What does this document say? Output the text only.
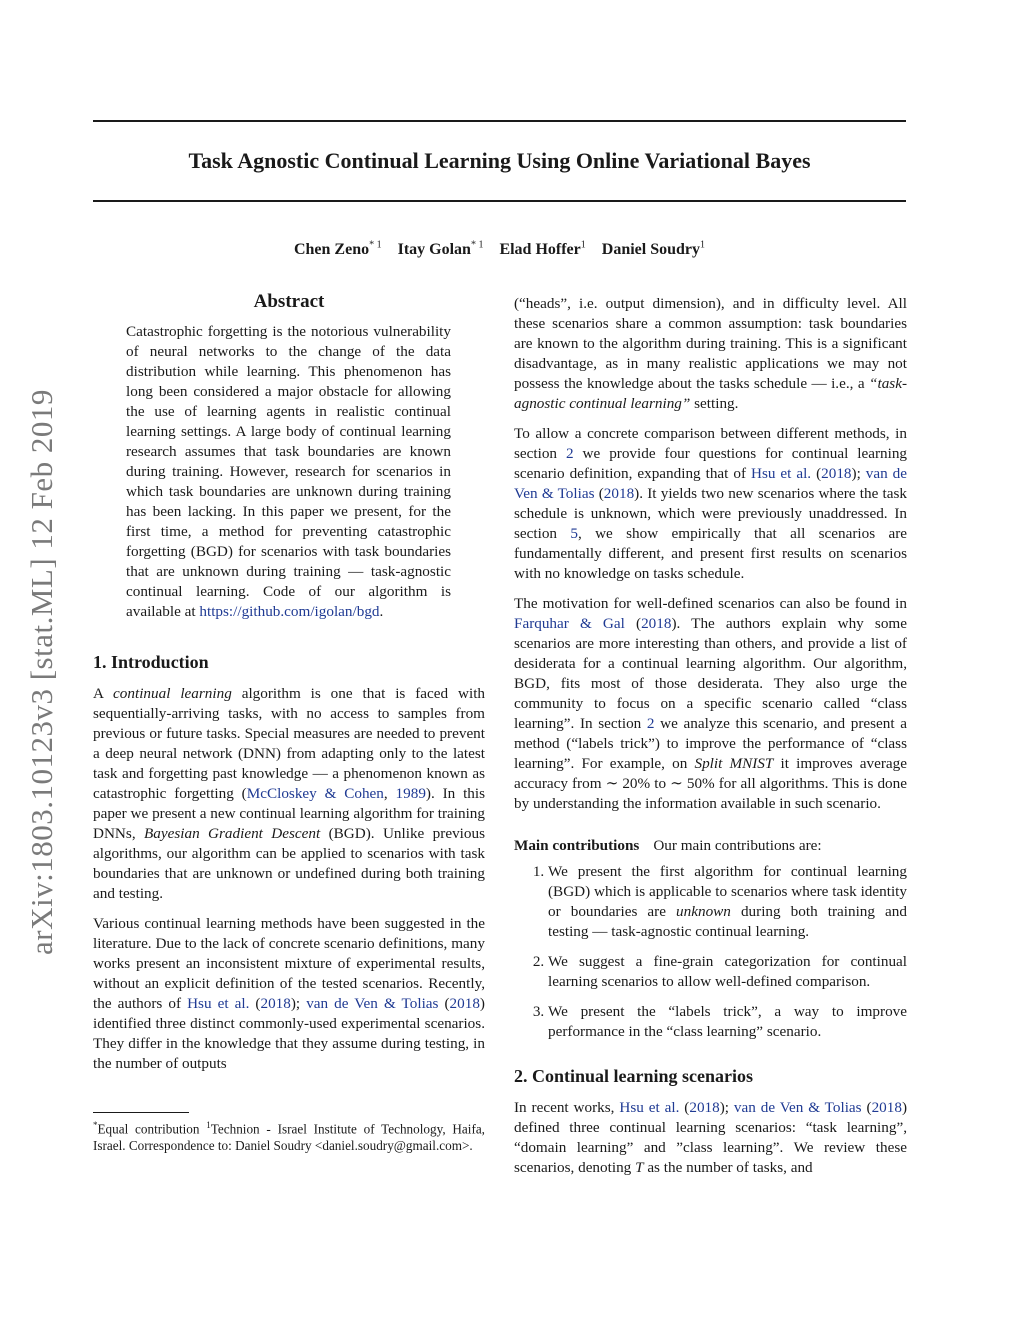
Task Agnostic Continual Learning Using Online Variational Bayes
Chen Zeno$^{* 1}$ Itay Golan$^{* 1}$ Elad Hoffer$^1$ Daniel Soudry$^1$
arXiv:1803.10123v3 [stat.ML] 12 Feb 2019
Abstract

Catastrophic forgetting is the notorious vulnerability of neural networks to the change of the data distribution while learning. This phenomenon has long been considered a major obstacle for allowing the use of learning agents in realistic continual learning settings. A large body of continual learning research assumes that task boundaries are known during training. However, research for scenarios in which task boundaries are unknown during training has been lacking. In this paper we present, for the first time, a method for preventing catastrophic forgetting (BGD) for scenarios with task boundaries that are unknown during training — task-agnostic continual learning. Code of our algorithm is available at https://github.com/igolan/bgd.

1. Introduction

A continual learning algorithm is one that is faced with sequentially-arriving tasks, with no access to samples from previous or future tasks. Special measures are needed to prevent a deep neural network (DNN) from adapting only to the latest task and forgetting past knowledge — a phenomenon known as catastrophic forgetting (McCloskey & Cohen, 1989). In this paper we present a new continual learning algorithm for training DNNs, Bayesian Gradient Descent (BGD). Unlike previous algorithms, our algorithm can be applied to scenarios with task boundaries that are unknown or undefined during both training and testing.

Various continual learning methods have been suggested in the literature. Due to the lack of concrete scenario definitions, many works present an inconsistent mixture of experimental results, without an explicit definition of the tested scenarios. Recently, the authors of Hsu et al. (2018); van de Ven & Tolias (2018) identified three distinct commonly-used experimental scenarios. They differ in the knowledge that they assume during testing, in the number of outputs

*Equal contribution $^1$Technion - Israel Institute of Technology, Haifa, Israel. Correspondence to: Daniel Soudry <daniel.soudry@gmail.com>.

(“heads”, i.e. output dimension), and in difficulty level. All these scenarios share a common assumption: task boundaries are known to the algorithm during training. This is a significant disadvantage, as in many realistic applications we may not possess the knowledge about the tasks schedule — i.e., a “task-agnostic continual learning” setting.

To allow a concrete comparison between different methods, in section 2 we provide four questions for continual learning scenario definition, expanding that of Hsu et al. (2018); van de Ven & Tolias (2018). It yields two new scenarios where the task schedule is unknown, which were previously unaddressed. In section 5, we show empirically that all scenarios are fundamentally different, and present first results on scenarios with no knowledge on tasks schedule.

The motivation for well-defined scenarios can also be found in Farquhar & Gal (2018). The authors explain why some scenarios are more interesting than others, and provide a list of desiderata for a continual learning algorithm. Our algorithm, BGD, fits most of those desiderata. They also urge the community to focus on a specific scenario called “class learning”. In section 2 we analyze this scenario, and present a method (“labels trick”) to improve the performance of “class learning”. For example, on Split MNIST it improves average accuracy from ∼ 20% to ∼ 50% for all algorithms. This is done by understanding the information available in such scenario.

Main contributions Our main contributions are:

1. We present the first algorithm for continual learning (BGD) which is applicable to scenarios where task identity or boundaries are unknown during both training and testing — task-agnostic continual learning.
2. We suggest a fine-grain categorization for continual learning scenarios to allow well-defined comparison.
3. We present the “labels trick”, a way to improve performance in the “class learning” scenario.
2. Continual learning scenarios

In recent works, Hsu et al. (2018); van de Ven & Tolias (2018) defined three continual learning scenarios: “task learning”, “domain learning” and ”class learning”. We review these scenarios, denoting T as the number of tasks, and
